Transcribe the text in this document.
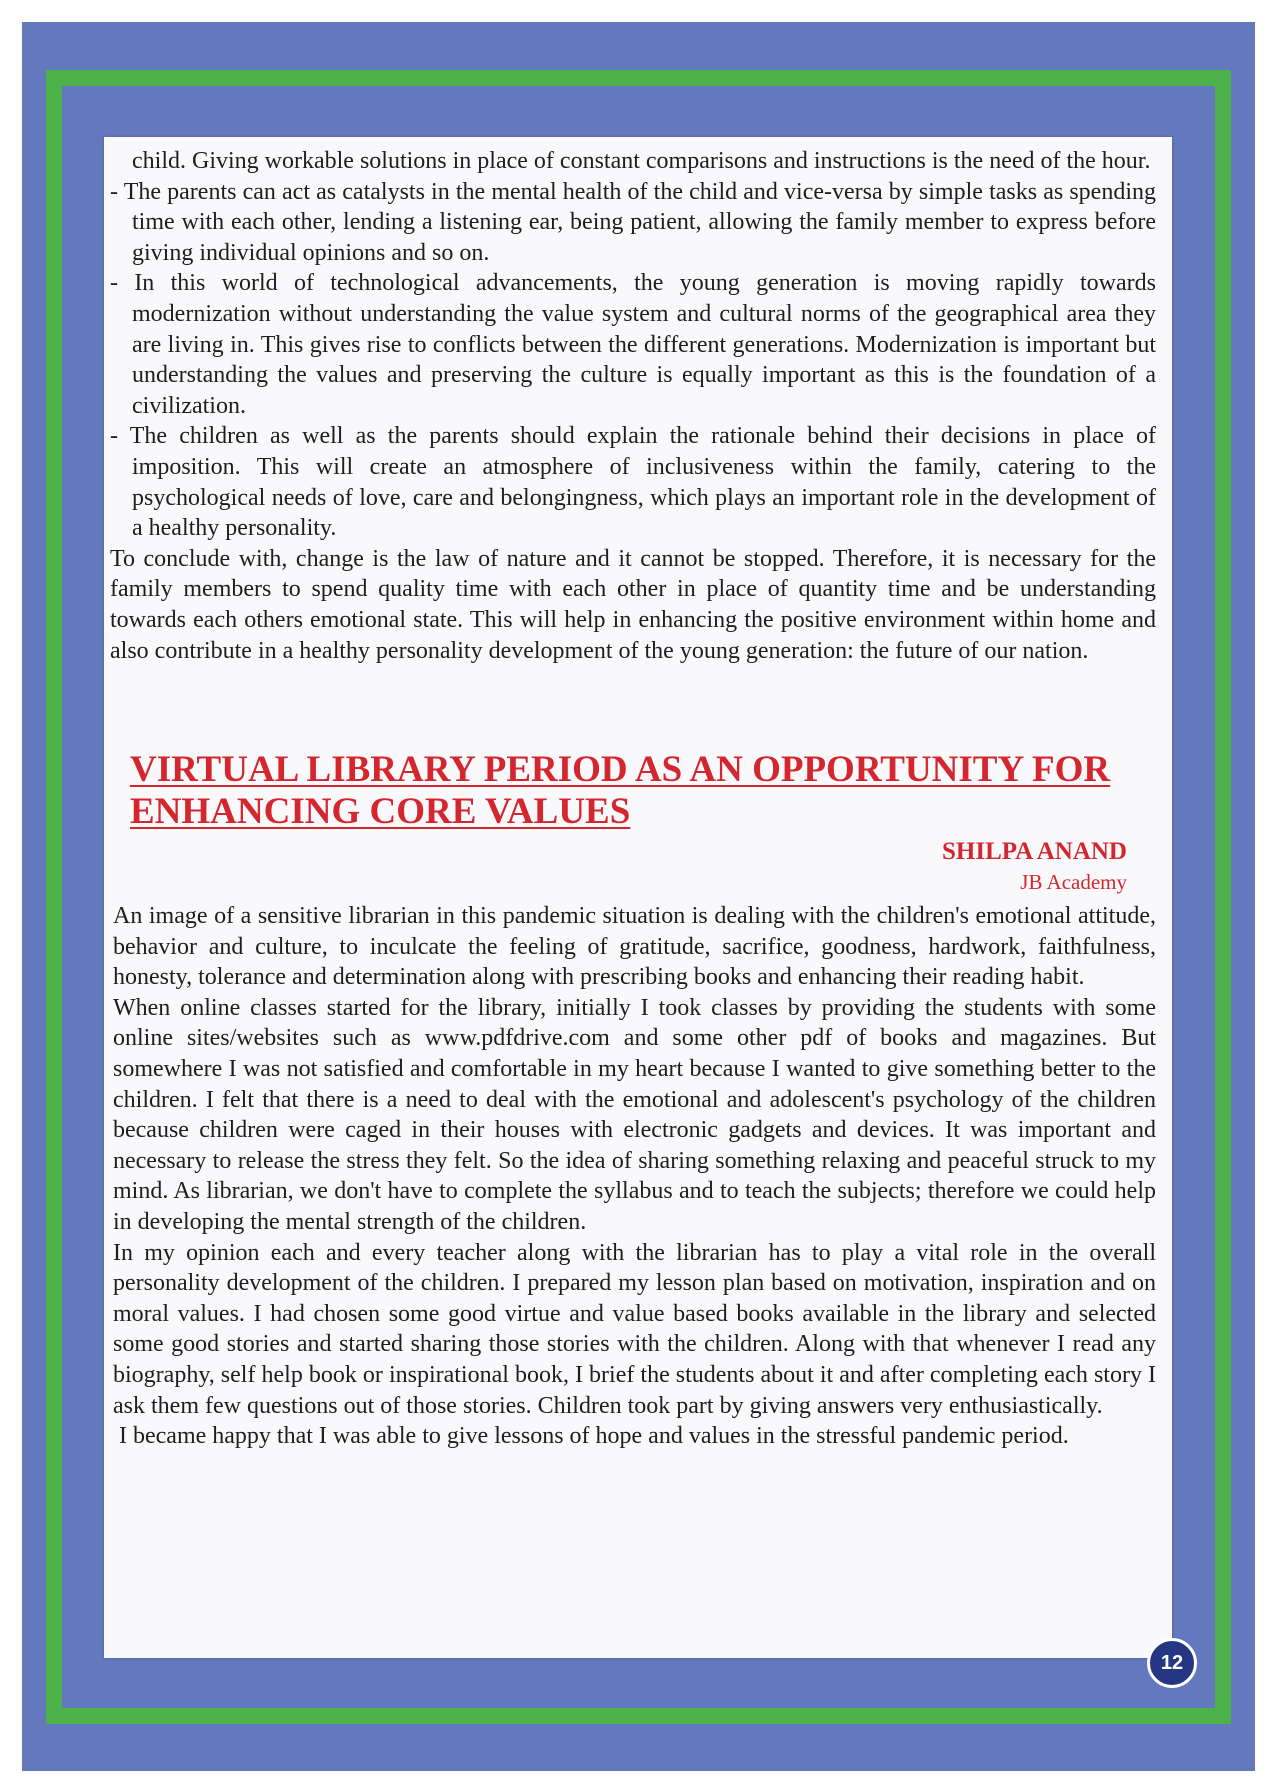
child. Giving workable solutions in place of constant comparisons and instructions is the need of the hour.

- The parents can act as catalysts in the mental health of the child and vice-versa by simple tasks as spending time with each other, lending a listening ear, being patient, allowing the family member to express before giving individual opinions and so on.

- In this world of technological advancements, the young generation is moving rapidly towards modernization without understanding the value system and cultural norms of the geographical area they are living in. This gives rise to conflicts between the different generations. Modernization is important but understanding the values and preserving the culture is equally important as this is the foundation of a civilization.

- The children as well as the parents should explain the rationale behind their decisions in place of imposition. This will create an atmosphere of inclusiveness within the family, catering to the psychological needs of love, care and belongingness, which plays an important role in the development of a healthy personality.

To conclude with, change is the law of nature and it cannot be stopped. Therefore, it is necessary for the family members to spend quality time with each other in place of quantity time and be understanding towards each others emotional state. This will help in enhancing the positive environment within home and also contribute in a healthy personality development of the young generation: the future of our nation.

VIRTUAL LIBRARY PERIOD AS AN OPPORTUNITY FOR
ENHANCING CORE VALUES
SHILPA ANAND
JB Academy

An image of a sensitive librarian in this pandemic situation is dealing with the children's emotional attitude, behavior and culture, to inculcate the feeling of gratitude, sacrifice, goodness, hardwork, faithfulness, honesty, tolerance and determination along with prescribing books and enhancing their reading habit.

When online classes started for the library, initially I took classes by providing the students with some online sites/websites such as www.pdfdrive.com and some other pdf of books and magazines. But somewhere I was not satisfied and comfortable in my heart because I wanted to give something better to the children. I felt that there is a need to deal with the emotional and adolescent's psychology of the children because children were caged in their houses with electronic gadgets and devices. It was important and necessary to release the stress they felt. So the idea of sharing something relaxing and peaceful struck to my mind. As librarian, we don't have to complete the syllabus and to teach the subjects; therefore we could help in developing the mental strength of the children.

In my opinion each and every teacher along with the librarian has to play a vital role in the overall personality development of the children. I prepared my lesson plan based on motivation, inspiration and on moral values. I had chosen some good virtue and value based books available in the library and selected some good stories and started sharing those stories with the children. Along with that whenever I read any biography, self help book or inspirational book, I brief the students about it and after completing each story I ask them few questions out of those stories. Children took part by giving answers very enthusiastically.

I became happy that I was able to give lessons of hope and values in the stressful pandemic period.

12
